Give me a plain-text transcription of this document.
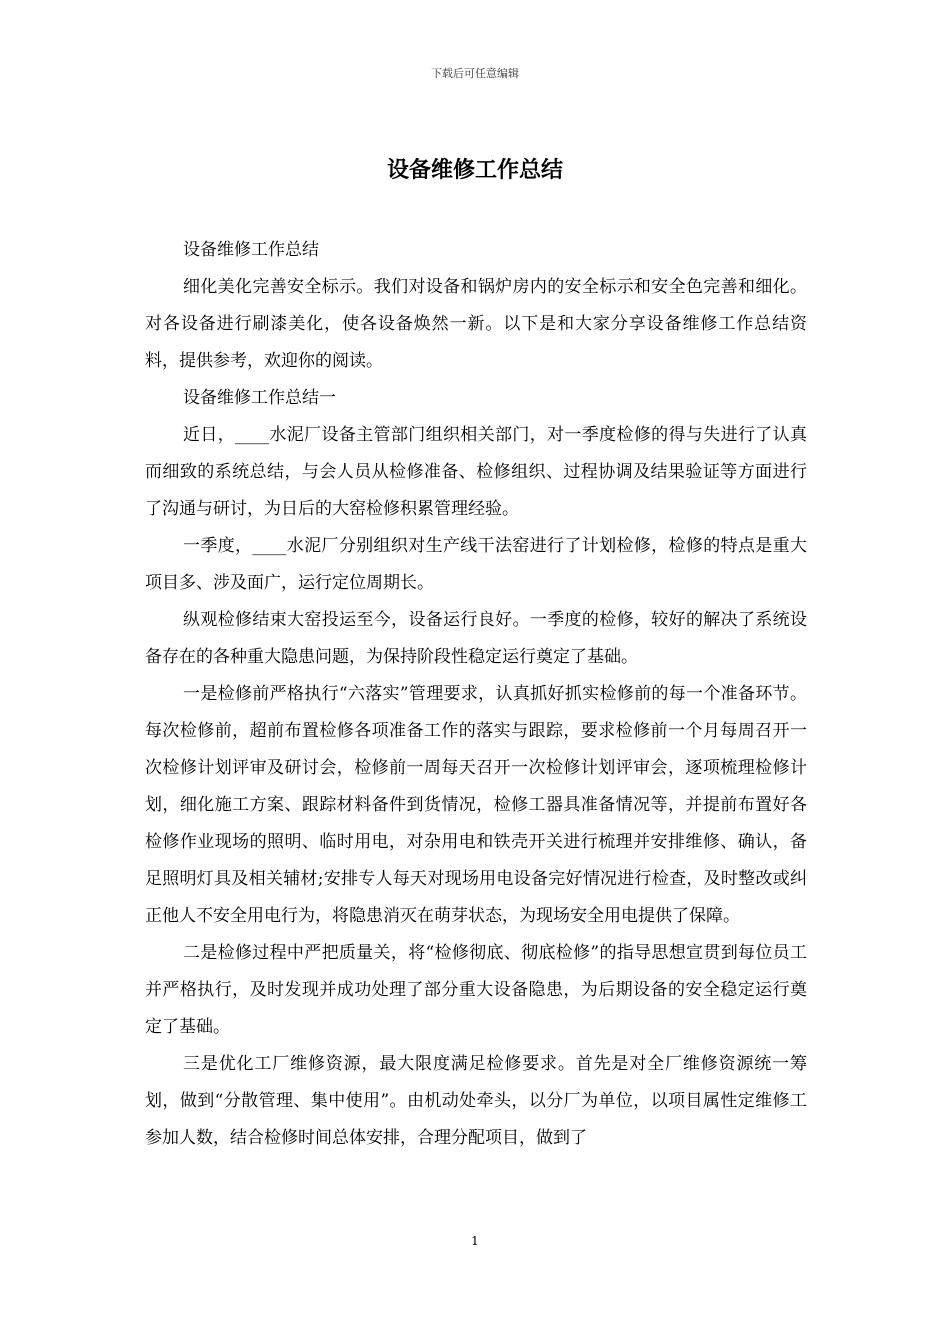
下载后可任意编辑
设备维修工作总结

设备维修工作总结

细化美化完善安全标示。我们对设备和锅炉房内的安全标示和安全色完善和细化。对各设备进行刷漆美化，使各设备焕然一新。以下是和大家分享设备维修工作总结资料，提供参考，欢迎你的阅读。

设备维修工作总结一

近日，____水泥厂设备主管部门组织相关部门，对一季度检修的得与失进行了认真而细致的系统总结，与会人员从检修准备、检修组织、过程协调及结果验证等方面进行了沟通与研讨，为日后的大窑检修积累管理经验。

一季度，____水泥厂分别组织对生产线干法窑进行了计划检修，检修的特点是重大项目多、涉及面广，运行定位周期长。

纵观检修结束大窑投运至今，设备运行良好。一季度的检修，较好的解决了系统设备存在的各种重大隐患问题，为保持阶段性稳定运行奠定了基础。

一是检修前严格执行“六落实”管理要求，认真抓好抓实检修前的每一个准备环节。每次检修前，超前布置检修各项准备工作的落实与跟踪，要求检修前一个月每周召开一次检修计划评审及研讨会，检修前一周每天召开一次检修计划评审会，逐项梳理检修计划，细化施工方案、跟踪材料备件到货情况，检修工器具准备情况等，并提前布置好各检修作业现场的照明、临时用电，对杂用电和铁壳开关进行梳理并安排维修、确认，备足照明灯具及相关辅材;安排专人每天对现场用电设备完好情况进行检查，及时整改或纠正他人不安全用电行为，将隐患消灭在萌芽状态，为现场安全用电提供了保障。

二是检修过程中严把质量关，将“检修彻底、彻底检修”的指导思想宣贯到每位员工并严格执行，及时发现并成功处理了部分重大设备隐患，为后期设备的安全稳定运行奠定了基础。

三是优化工厂维修资源，最大限度满足检修要求。首先是对全厂维修资源统一筹划，做到“分散管理、集中使用”。由机动处牵头，以分厂为单位，以项目属性定维修工参加人数，结合检修时间总体安排，合理分配项目，做到了

1
